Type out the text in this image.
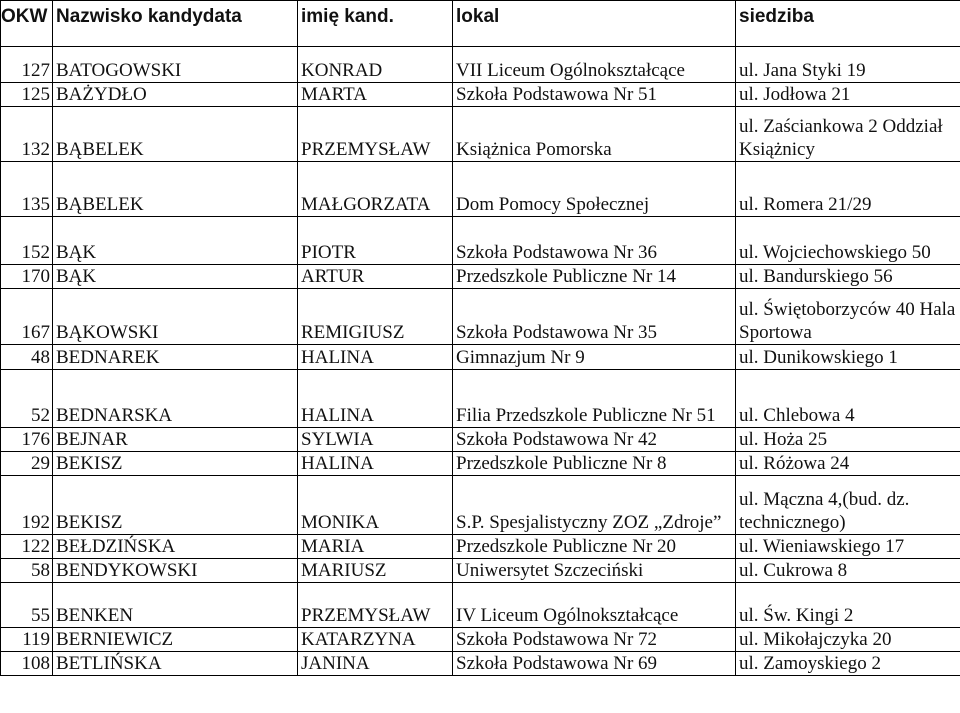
OKW	Nazwisko kandydata	imię kand.	lokal	siedziba
127	BATOGOWSKI	KONRAD	VII Liceum Ogólnokształcące	ul. Jana Styki 19
125	BAŻYDŁO	MARTA	Szkoła Podstawowa Nr 51	ul. Jodłowa 21
132	BĄBELEK	PRZEMYSŁAW	Książnica Pomorska	ul. Zaściankowa 2 Oddział Książnicy
135	BĄBELEK	MAŁGORZATA	Dom Pomocy Społecznej	ul. Romera 21/29
152	BĄK	PIOTR	Szkoła Podstawowa Nr 36	ul. Wojciechowskiego 50
170	BĄK	ARTUR	Przedszkole Publiczne Nr 14	ul. Bandurskiego 56
167	BĄKOWSKI	REMIGIUSZ	Szkoła Podstawowa Nr 35	ul. Świętoborzyców 40 Hala Sportowa
48	BEDNAREK	HALINA	Gimnazjum Nr 9	ul. Dunikowskiego 1
52	BEDNARSKA	HALINA	Filia Przedszkole Publiczne Nr 51	ul. Chlebowa 4
176	BEJNAR	SYLWIA	Szkoła Podstawowa Nr 42	ul. Hoża 25
29	BEKISZ	HALINA	Przedszkole Publiczne Nr 8	ul. Różowa 24
192	BEKISZ	MONIKA	S.P. Spesjalistyczny ZOZ „Zdroje”	ul. Mączna 4,(bud. dz. technicznego)
122	BEŁDZIŃSKA	MARIA	Przedszkole Publiczne Nr 20	ul. Wieniawskiego 17
58	BENDYKOWSKI	MARIUSZ	Uniwersytet Szczeciński	ul. Cukrowa 8
55	BENKEN	PRZEMYSŁAW	IV Liceum Ogólnokształcące	ul. Św. Kingi 2
119	BERNIEWICZ	KATARZYNA	Szkoła Podstawowa Nr 72	ul. Mikołajczyka 20
108	BETLIŃSKA	JANINA	Szkoła Podstawowa Nr 69	ul. Zamoyskiego 2
